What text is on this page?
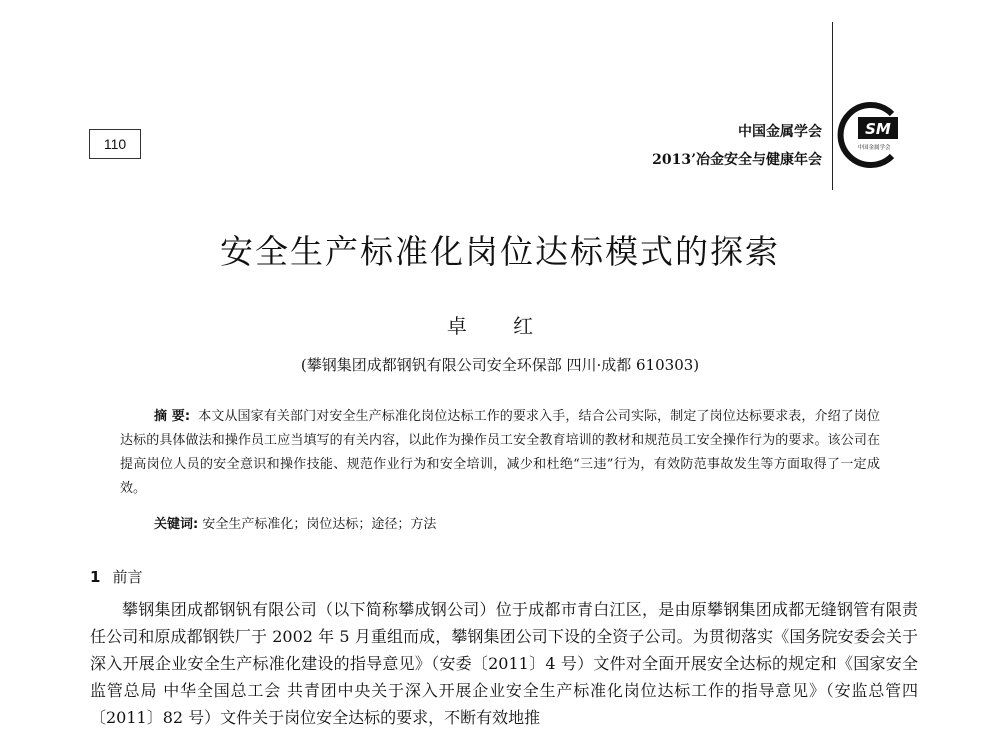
110
中国金属学会
2013’冶金安全与健康年会
SM
中国金属学会
安全生产标准化岗位达标模式的探索
卓 红
(攀钢集团成都钢钒有限公司安全环保部 四川·成都 610303)

摘 要: 本文从国家有关部门对安全生产标准化岗位达标工作的要求入手，结合公司实际，制定了岗位达标要求表，介绍了岗位达标的具体做法和操作员工应当填写的有关内容，以此作为操作员工安全教育培训的教材和规范员工安全操作行为的要求。该公司在提高岗位人员的安全意识和操作技能、规范作业行为和安全培训，减少和杜绝“三违”行为，有效防范事故发生等方面取得了一定成效。

关键词: 安全生产标准化；岗位达标；途径；方法
1 前言

攀钢集团成都钢钒有限公司（以下简称攀成钢公司）位于成都市青白江区，是由原攀钢集团成都无缝钢管有限责任公司和原成都钢铁厂于 2002 年 5 月重组而成，攀钢集团公司下设的全资子公司。为贯彻落实《国务院安委会关于深入开展企业安全生产标准化建设的指导意见》（安委〔2011〕4 号）文件对全面开展安全达标的规定和《国家安全监管总局 中华全国总工会 共青团中央关于深入开展企业安全生产标准化岗位达标工作的指导意见》（安监总管四〔2011〕82 号）文件关于岗位安全达标的要求，不断有效地推
